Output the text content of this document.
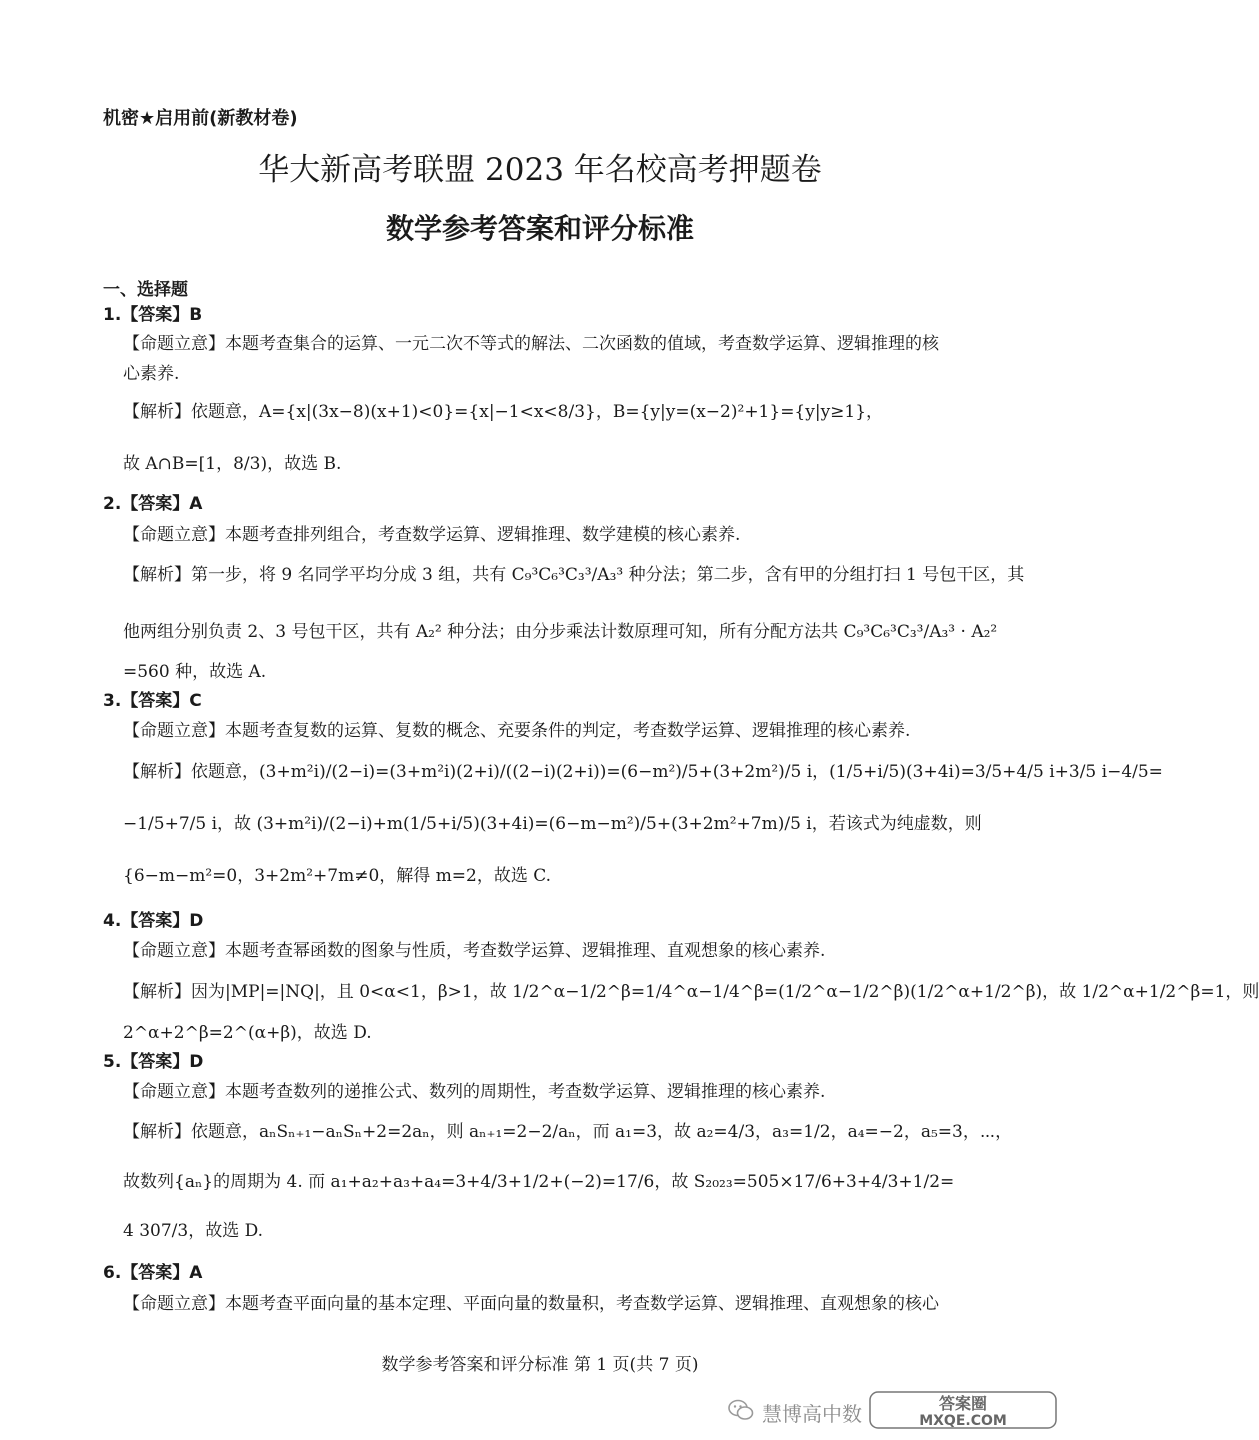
机密★启用前(新教材卷)
华大新高考联盟 2023 年名校高考押题卷
数学参考答案和评分标准
一、选择题
1.【答案】B
【命题立意】本题考查集合的运算、一元二次不等式的解法、二次函数的值域，考查数学运算、逻辑推理的核
心素养.
【解析】依题意，A={x|(3x−8)(x+1)<0}={x|−1<x<8/3}，B={y|y=(x−2)²+1}={y|y≥1}，
故 A∩B=[1，8/3)，故选 B.
2.【答案】A
【命题立意】本题考查排列组合，考查数学运算、逻辑推理、数学建模的核心素养.
【解析】第一步，将 9 名同学平均分成 3 组，共有 C₉³C₆³C₃³/A₃³ 种分法；第二步，含有甲的分组打扫 1 号包干区，其
他两组分别负责 2、3 号包干区，共有 A₂² 种分法；由分步乘法计数原理可知，所有分配方法共 C₉³C₆³C₃³/A₃³ · A₂²
=560 种，故选 A.
3.【答案】C
【命题立意】本题考查复数的运算、复数的概念、充要条件的判定，考查数学运算、逻辑推理的核心素养.
【解析】依题意，(3+m²i)/(2−i)=(3+m²i)(2+i)/((2−i)(2+i))=(6−m²)/5+(3+2m²)/5 i，(1/5+i/5)(3+4i)=3/5+4/5 i+3/5 i−4/5=
−1/5+7/5 i，故 (3+m²i)/(2−i)+m(1/5+i/5)(3+4i)=(6−m−m²)/5+(3+2m²+7m)/5 i，若该式为纯虚数，则
{6−m−m²=0，3+2m²+7m≠0，解得 m=2，故选 C.
4.【答案】D
【命题立意】本题考查幂函数的图象与性质，考查数学运算、逻辑推理、直观想象的核心素养.
【解析】因为|MP|=|NQ|，且 0<α<1，β>1，故 1/2^α−1/2^β=1/4^α−1/4^β=(1/2^α−1/2^β)(1/2^α+1/2^β)，故 1/2^α+1/2^β=1，则
2^α+2^β=2^(α+β)，故选 D.
5.【答案】D
【命题立意】本题考查数列的递推公式、数列的周期性，考查数学运算、逻辑推理的核心素养.
【解析】依题意，aₙSₙ₊₁−aₙSₙ+2=2aₙ，则 aₙ₊₁=2−2/aₙ，而 a₁=3，故 a₂=4/3，a₃=1/2，a₄=−2，a₅=3，⋯，
故数列{aₙ}的周期为 4. 而 a₁+a₂+a₃+a₄=3+4/3+1/2+(−2)=17/6，故 S₂₀₂₃=505×17/6+3+4/3+1/2=
4 307/3，故选 D.
6.【答案】A
【命题立意】本题考查平面向量的基本定理、平面向量的数量积，考查数学运算、逻辑推理、直观想象的核心
数学参考答案和评分标准 第 1 页(共 7 页)
慧博高中数	答案圈
MXQE.COM
